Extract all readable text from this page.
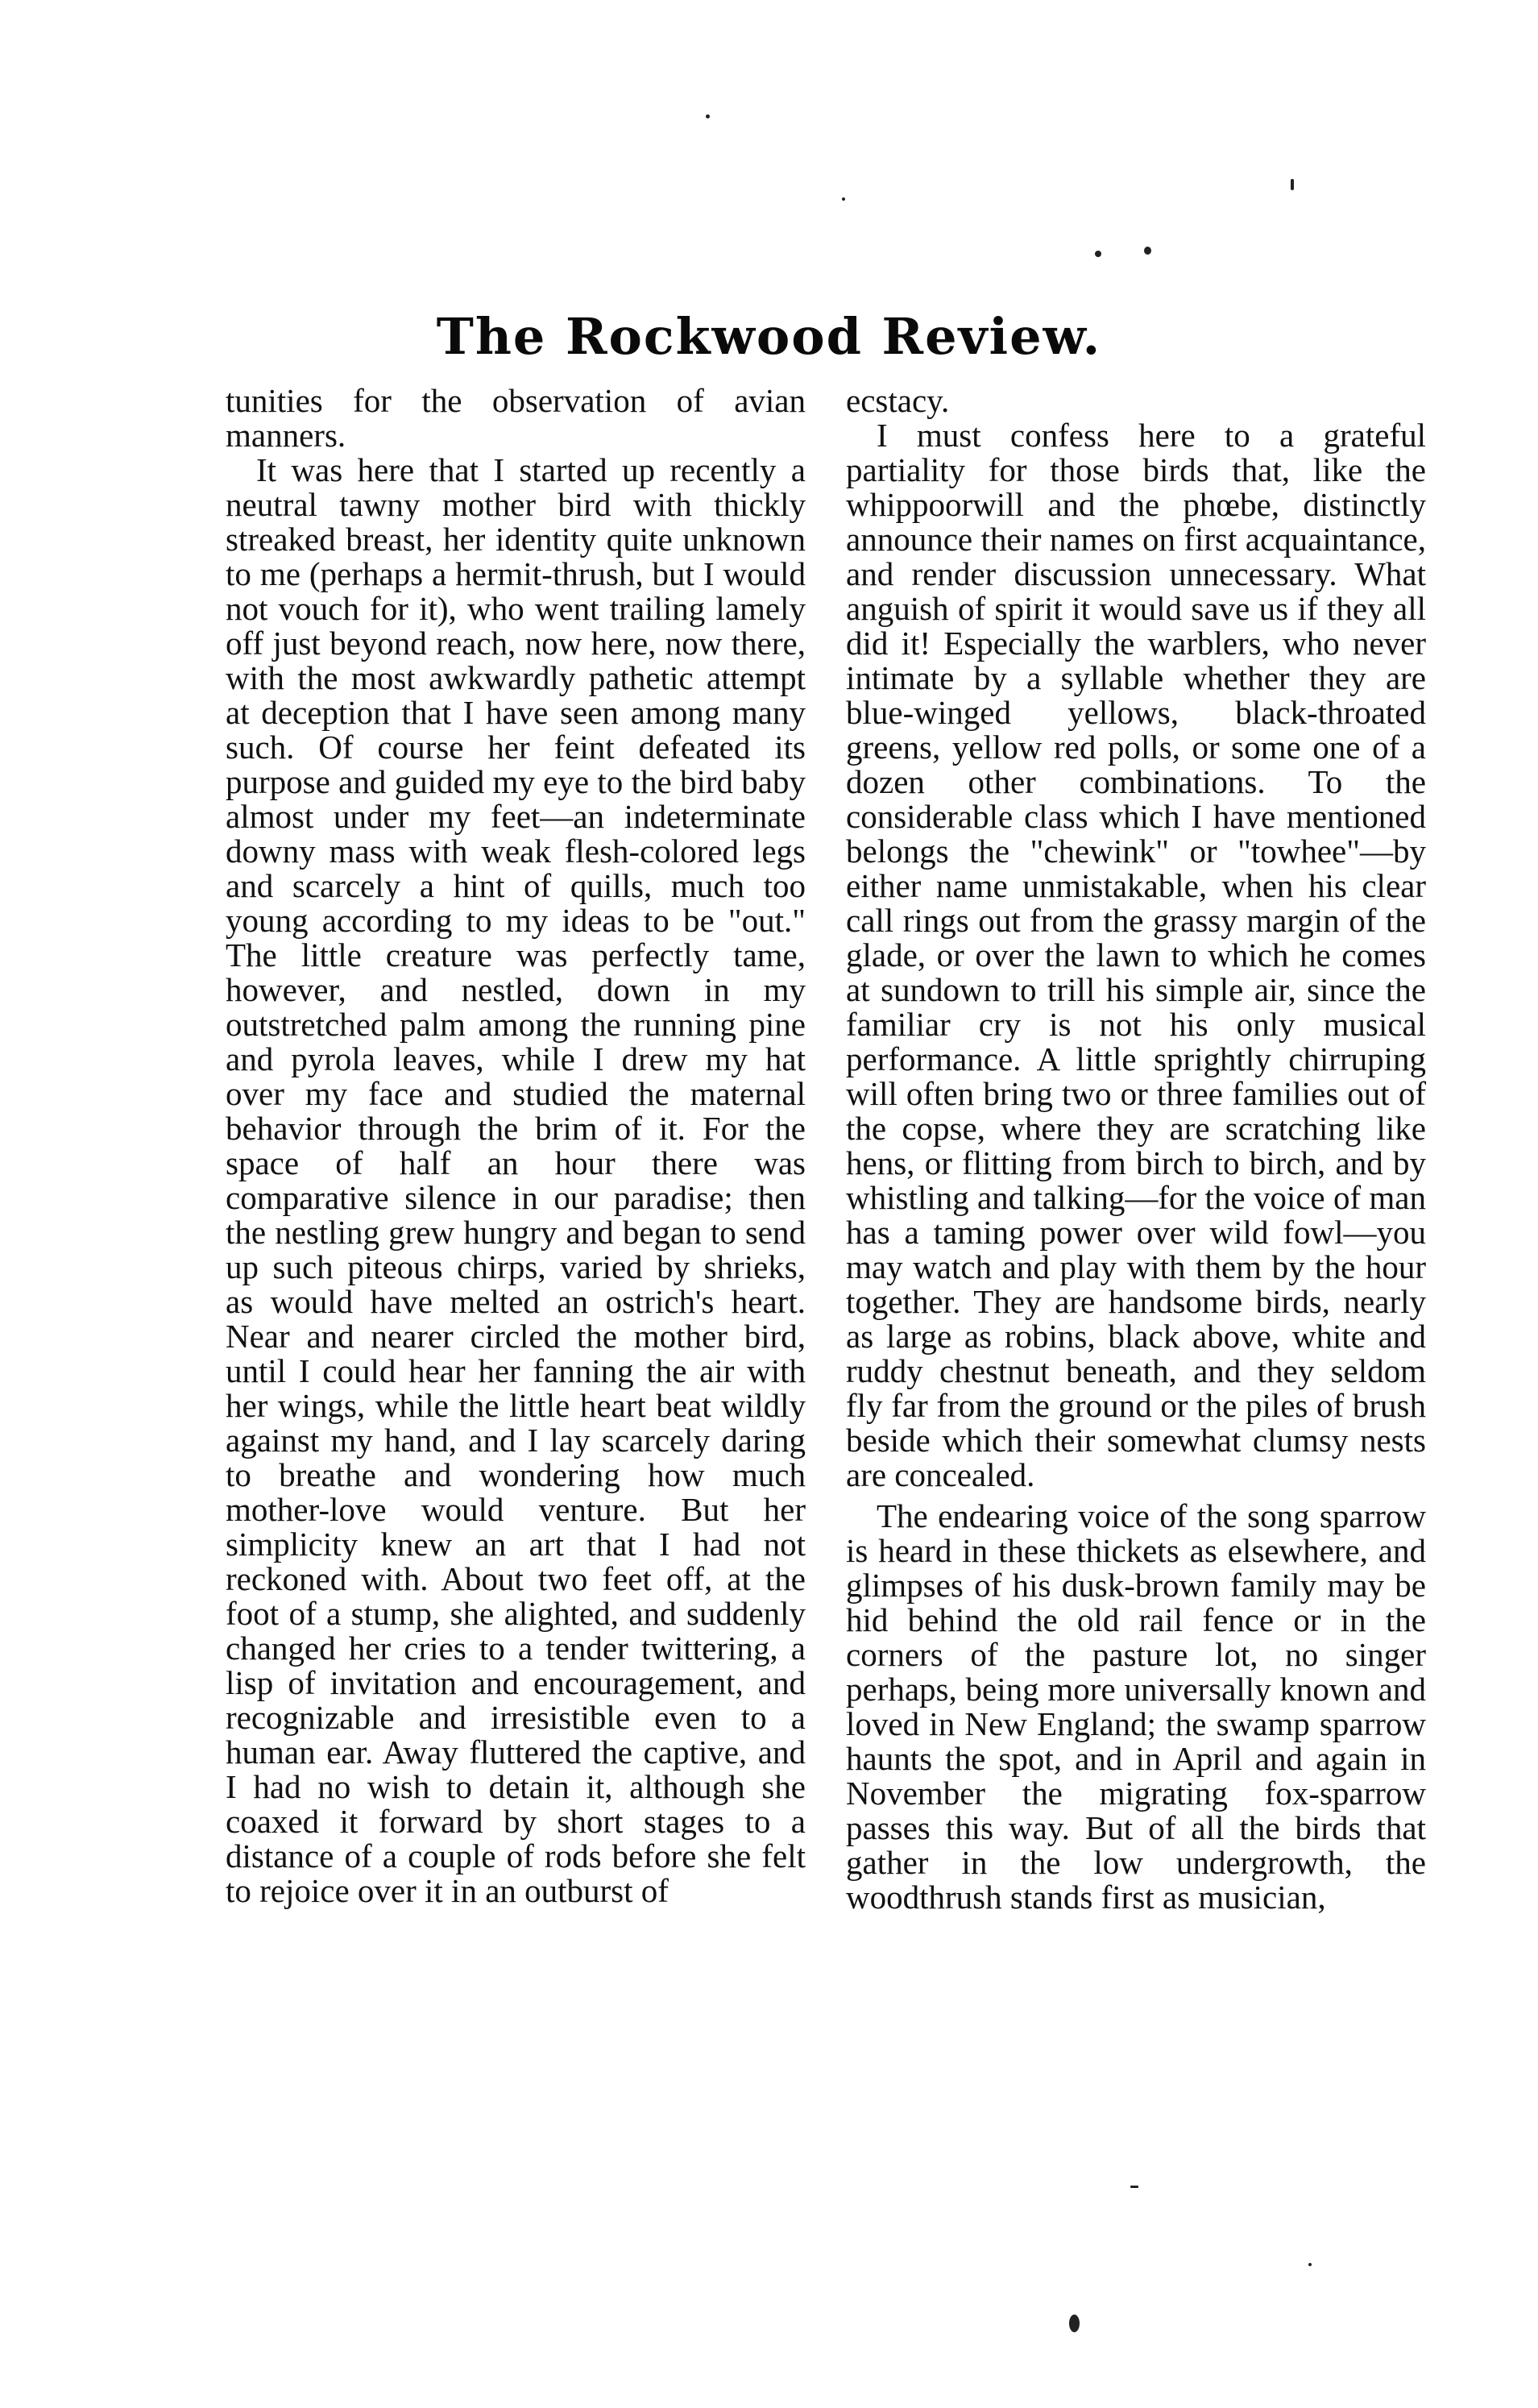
The Rockwood Review.

tunities for the observation of avian manners.

It was here that I started up recently a neutral tawny mother bird with thickly streaked breast, her identity quite unknown to me (perhaps a hermit-thrush, but I would not vouch for it), who went trailing lamely off just beyond reach, now here, now there, with the most awkwardly pathetic attempt at deception that I have seen among many such. Of course her feint defeated its purpose and guided my eye to the bird baby almost under my feet—an indeterminate downy mass with weak flesh-colored legs and scarcely a hint of quills, much too young according to my ideas to be "out." The little creature was perfectly tame, however, and nestled, down in my outstretched palm among the running pine and pyrola leaves, while I drew my hat over my face and studied the maternal behavior through the brim of it. For the space of half an hour there was comparative silence in our paradise; then the nestling grew hungry and began to send up such piteous chirps, varied by shrieks, as would have melted an ostrich's heart. Near and nearer circled the mother bird, until I could hear her fanning the air with her wings, while the little heart beat wildly against my hand, and I lay scarcely daring to breathe and wondering how much mother-love would venture. But her simplicity knew an art that I had not reckoned with. About two feet off, at the foot of a stump, she alighted, and suddenly changed her cries to a tender twittering, a lisp of invitation and encouragement, and recognizable and irresistible even to a human ear. Away fluttered the captive, and I had no wish to detain it, although she coaxed it forward by short stages to a distance of a couple of rods before she felt to rejoice over it in an outburst of

ecstacy.

I must confess here to a grateful partiality for those birds that, like the whippoorwill and the phœbe, distinctly announce their names on first acquaintance, and render discussion unnecessary. What anguish of spirit it would save us if they all did it! Especially the warblers, who never intimate by a syllable whether they are blue-winged yellows, black-throated greens, yellow red polls, or some one of a dozen other combinations. To the considerable class which I have mentioned belongs the "chewink" or "towhee"—by either name unmistakable, when his clear call rings out from the grassy margin of the glade, or over the lawn to which he comes at sundown to trill his simple air, since the familiar cry is not his only musical performance. A little sprightly chirruping will often bring two or three families out of the copse, where they are scratching like hens, or flitting from birch to birch, and by whistling and talking—for the voice of man has a taming power over wild fowl—you may watch and play with them by the hour together. They are handsome birds, nearly as large as robins, black above, white and ruddy chestnut beneath, and they seldom fly far from the ground or the piles of brush beside which their somewhat clumsy nests are concealed.

The endearing voice of the song sparrow is heard in these thickets as elsewhere, and glimpses of his dusk-brown family may be hid behind the old rail fence or in the corners of the pasture lot, no singer perhaps, being more universally known and loved in New England; the swamp sparrow haunts the spot, and in April and again in November the migrating fox-sparrow passes this way. But of all the birds that gather in the low undergrowth, the woodthrush stands first as musician,
